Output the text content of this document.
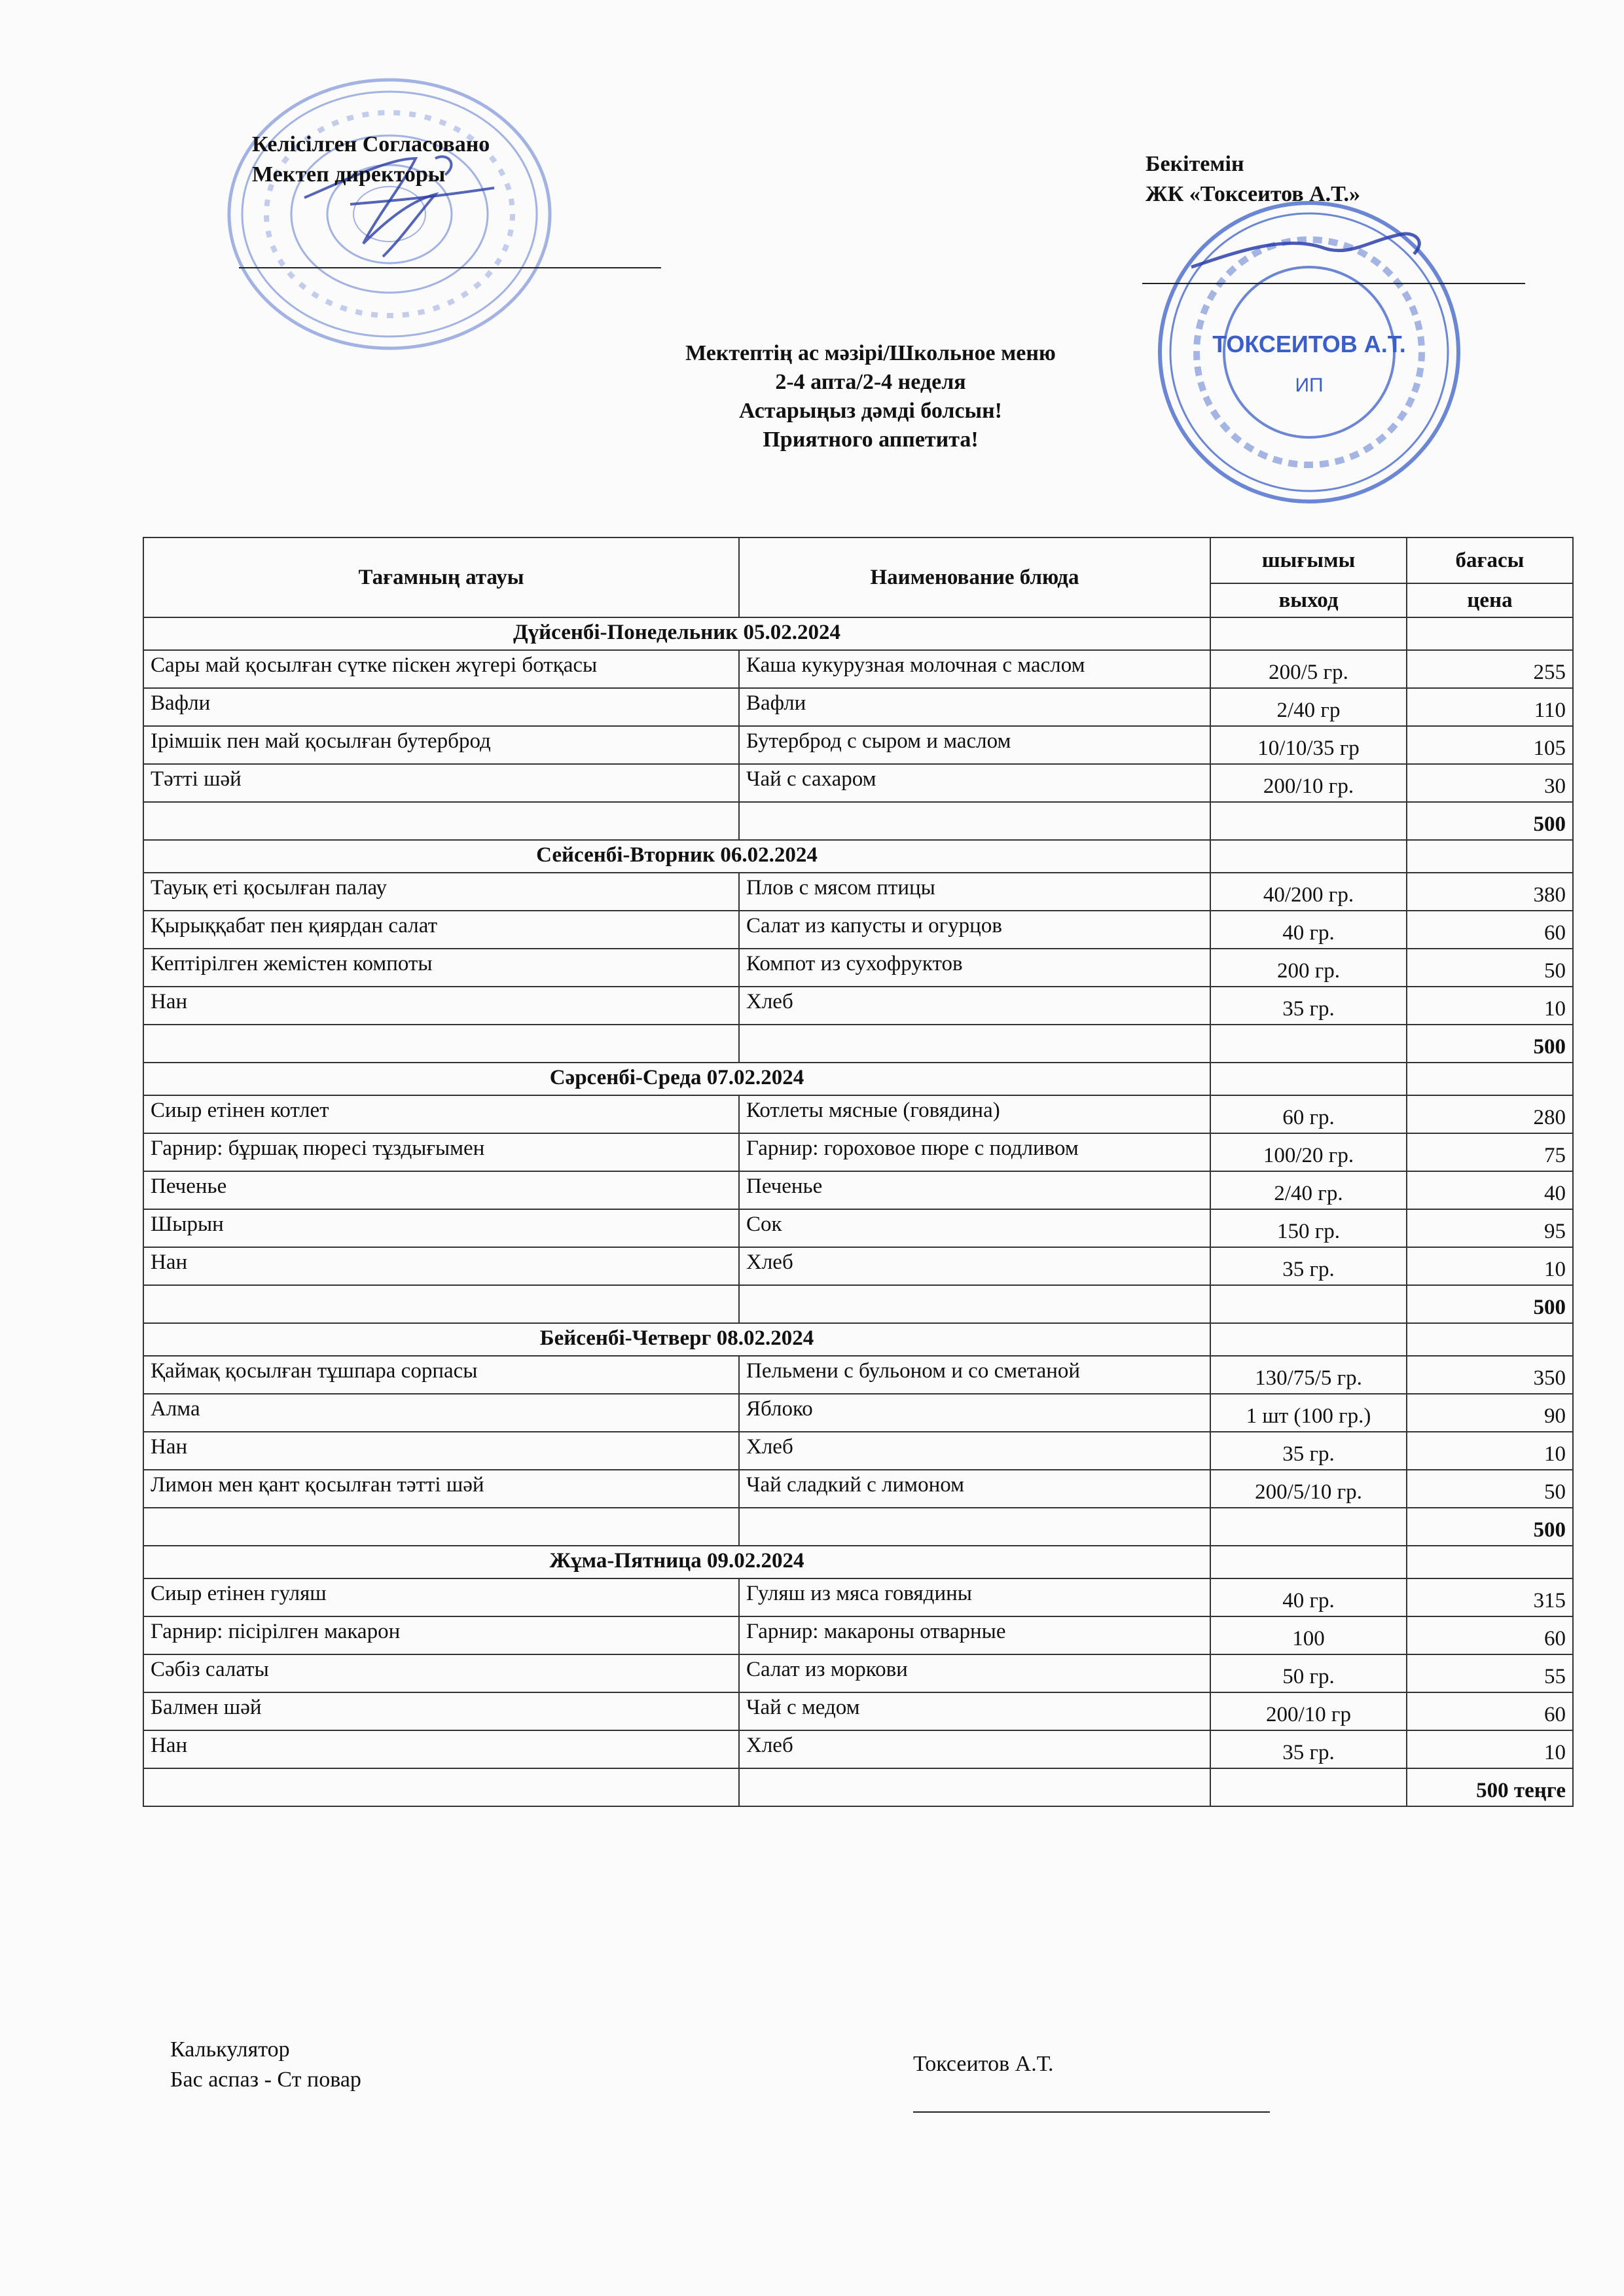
ТОКСЕИТОВ А.Т.
ИП
Келісілген Согласовано
Мектеп директоры	Бекітемін
ЖК «Токсеитов А.Т.»
Мектептің ас мәзірі/Школьное меню
2-4 апта/2-4 неделя
Астарыңыз дәмді болсын!
Приятного аппетита!
Тағамның атауы	Наименование блюда	шығымы	бағасы
		выход	цена
Дүйсенбі-Понедельник 05.02.2024			
Сары май қосылған сүтке піскен жүгері ботқасы	Каша кукурузная молочная с маслом	200/5 гр.	255
Вафли	Вафли	2/40 гр	110
Ірімшік пен май қосылған бутерброд	Бутерброд с сыром и маслом	10/10/35 гр	105
Тәтті шәй	Чай с сахаром	200/10 гр.	30
			500
Сейсенбі-Вторник 06.02.2024			
Тауық еті қосылған палау	Плов с мясом птицы	40/200 гр.	380
Қырыққабат пен қиярдан салат	Салат из капусты и огурцов	40 гр.	60
Кептірілген жемістен компоты	Компот из сухофруктов	200 гр.	50
Нан	Хлеб	35 гр.	10
			500
Сәрсенбі-Среда 07.02.2024			
Сиыр етінен котлет	Котлеты мясные (говядина)	60 гр.	280
Гарнир: бұршақ пюресі тұздығымен	Гарнир: гороховое пюре с подливом	100/20 гр.	75
Печенье	Печенье	2/40 гр.	40
Шырын	Сок	150 гр.	95
Нан	Хлеб	35 гр.	10
			500
Бейсенбі-Четверг 08.02.2024			
Қаймақ қосылған тұшпара сорпасы	Пельмени с бульоном и со сметаной	130/75/5 гр.	350
Алма	Яблоко	1 шт (100 гр.)	90
Нан	Хлеб	35 гр.	10
Лимон мен қант қосылған тәтті шәй	Чай сладкий с лимоном	200/5/10 гр.	50
			500
Жұма-Пятница 09.02.2024			
Сиыр етінен гуляш	Гуляш из мяса говядины	40 гр.	315
Гарнир: пісірілген макарон	Гарнир: макароны отварные	100	60
Сәбіз салаты	Салат из моркови	50 гр.	55
Балмен шәй	Чай с медом	200/10 гр	60
Нан	Хлеб	35 гр.	10
			500 теңге
Калькулятор
Бас аспаз - Ст повар
Токсеитов А.Т.
